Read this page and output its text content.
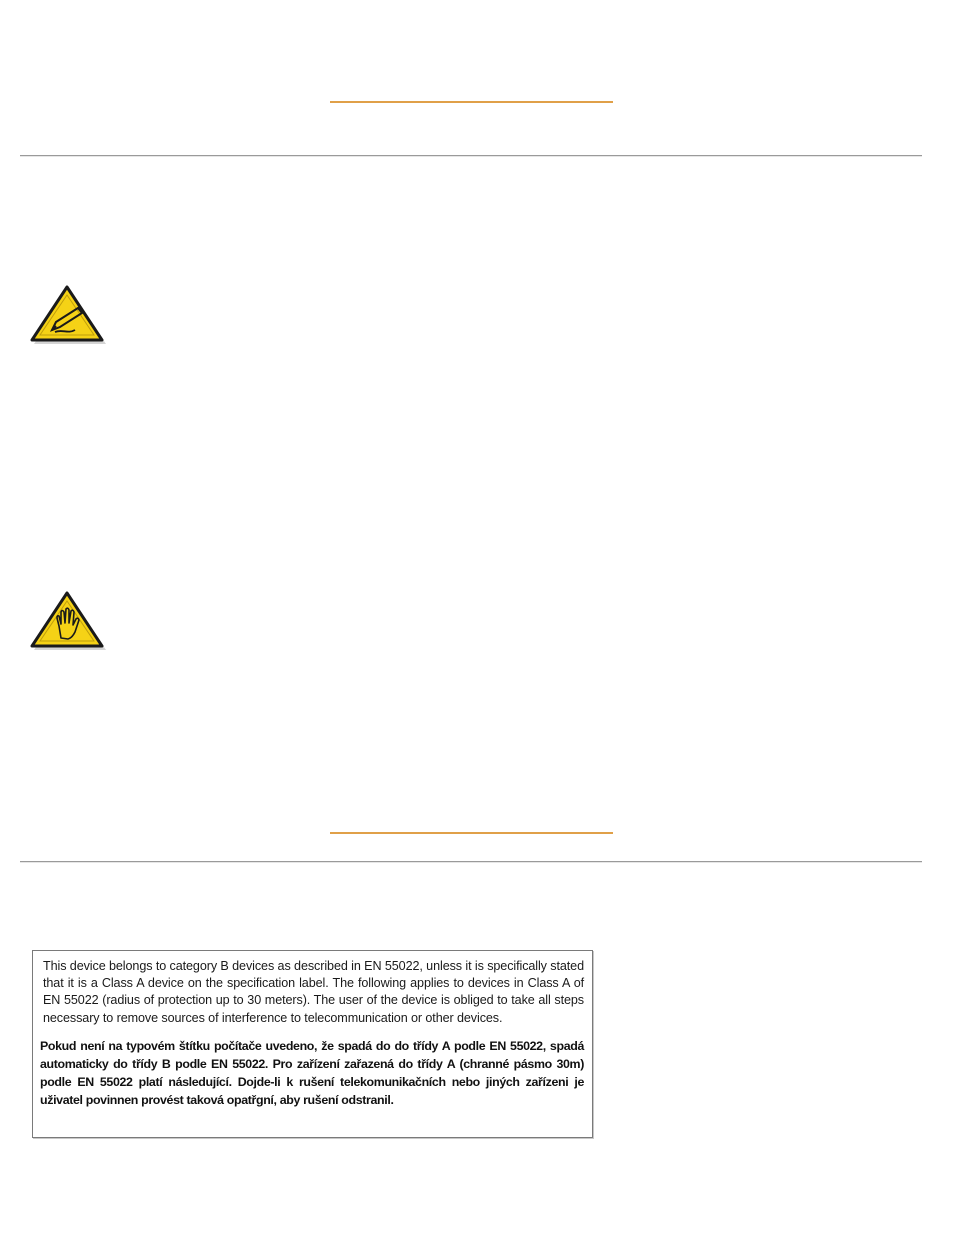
This device belongs to category B devices as described in EN 55022, unless it is specifically stated that it is a Class A device on the specification label. The following applies to devices in Class A of EN 55022 (radius of protection up to 30 meters). The user of the device is obliged to take all steps necessary to remove sources of interference to telecommunication or other devices.

Pokud není na typovém štítku počítače uvedeno, že spadá do do třídy A podle EN 55022, spadá automaticky do třídy B podle EN 55022. Pro zařízení zařazená do třídy A (chranné pásmo 30m) podle EN 55022 platí následující. Dojde-li k rušení telekomunikačních nebo jiných zařízeni je uživatel povinnen provést taková opatřgní, aby rušení odstranil.
